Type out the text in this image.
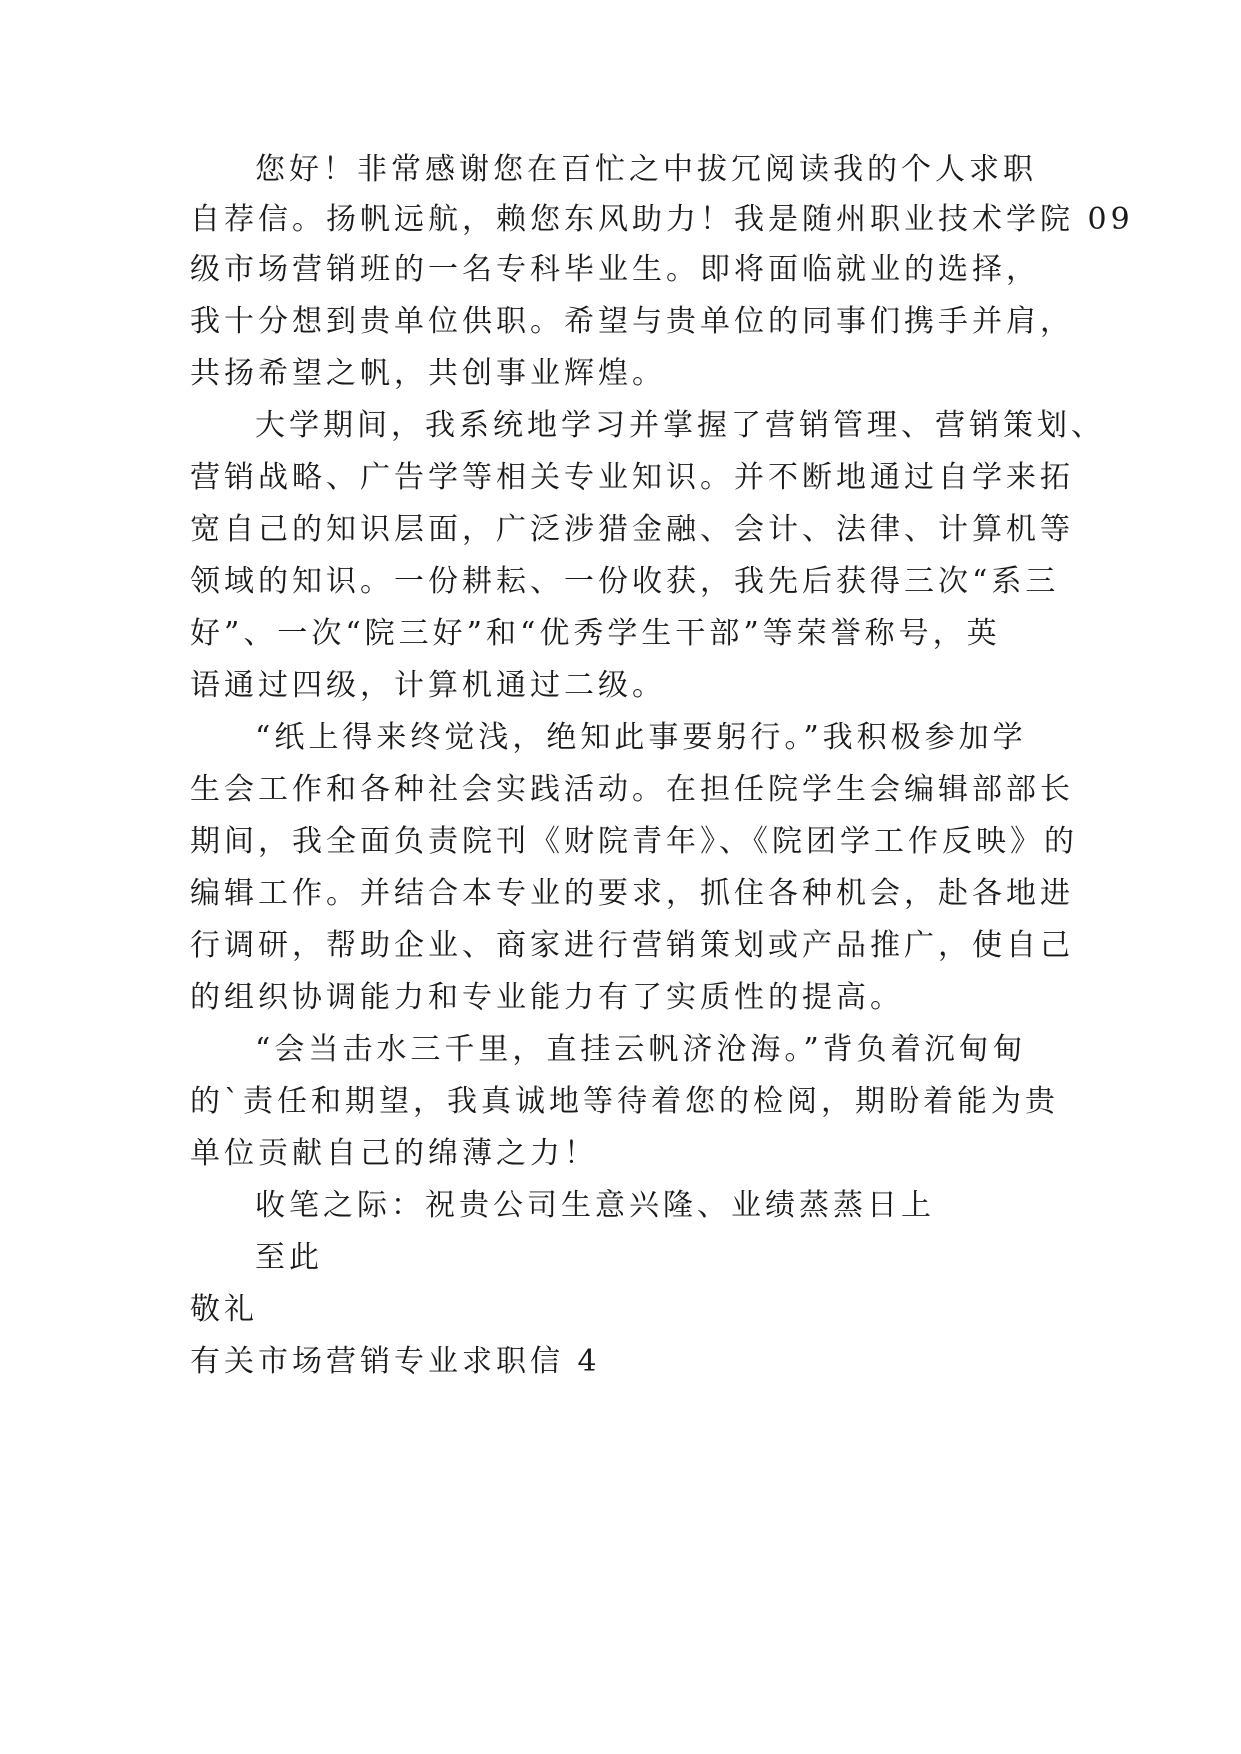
您好！非常感谢您在百忙之中拔冗阅读我的个人求职
自荐信。扬帆远航，赖您东风助力！我是随州职业技术学院 09
级市场营销班的一名专科毕业生。即将面临就业的选择，
我十分想到贵单位供职。希望与贵单位的同事们携手并肩，
共扬希望之帆，共创事业辉煌。
大学期间，我系统地学习并掌握了营销管理、营销策划、
营销战略、广告学等相关专业知识。并不断地通过自学来拓
宽自己的知识层面，广泛涉猎金融、会计、法律、计算机等
领域的知识。一份耕耘、一份收获，我先后获得三次“系三
好”、一次“院三好”和“优秀学生干部”等荣誉称号，英
语通过四级，计算机通过二级。
“纸上得来终觉浅，绝知此事要躬行。”我积极参加学
生会工作和各种社会实践活动。在担任院学生会编辑部部长
期间，我全面负责院刊《财院青年》、《院团学工作反映》的
编辑工作。并结合本专业的要求，抓住各种机会，赴各地进
行调研，帮助企业、商家进行营销策划或产品推广，使自己
的组织协调能力和专业能力有了实质性的提高。
“会当击水三千里，直挂云帆济沧海。”背负着沉甸甸
的`责任和期望，我真诚地等待着您的检阅，期盼着能为贵
单位贡献自己的绵薄之力！
收笔之际：祝贵公司生意兴隆、业绩蒸蒸日上
至此
敬礼
有关市场营销专业求职信 4
